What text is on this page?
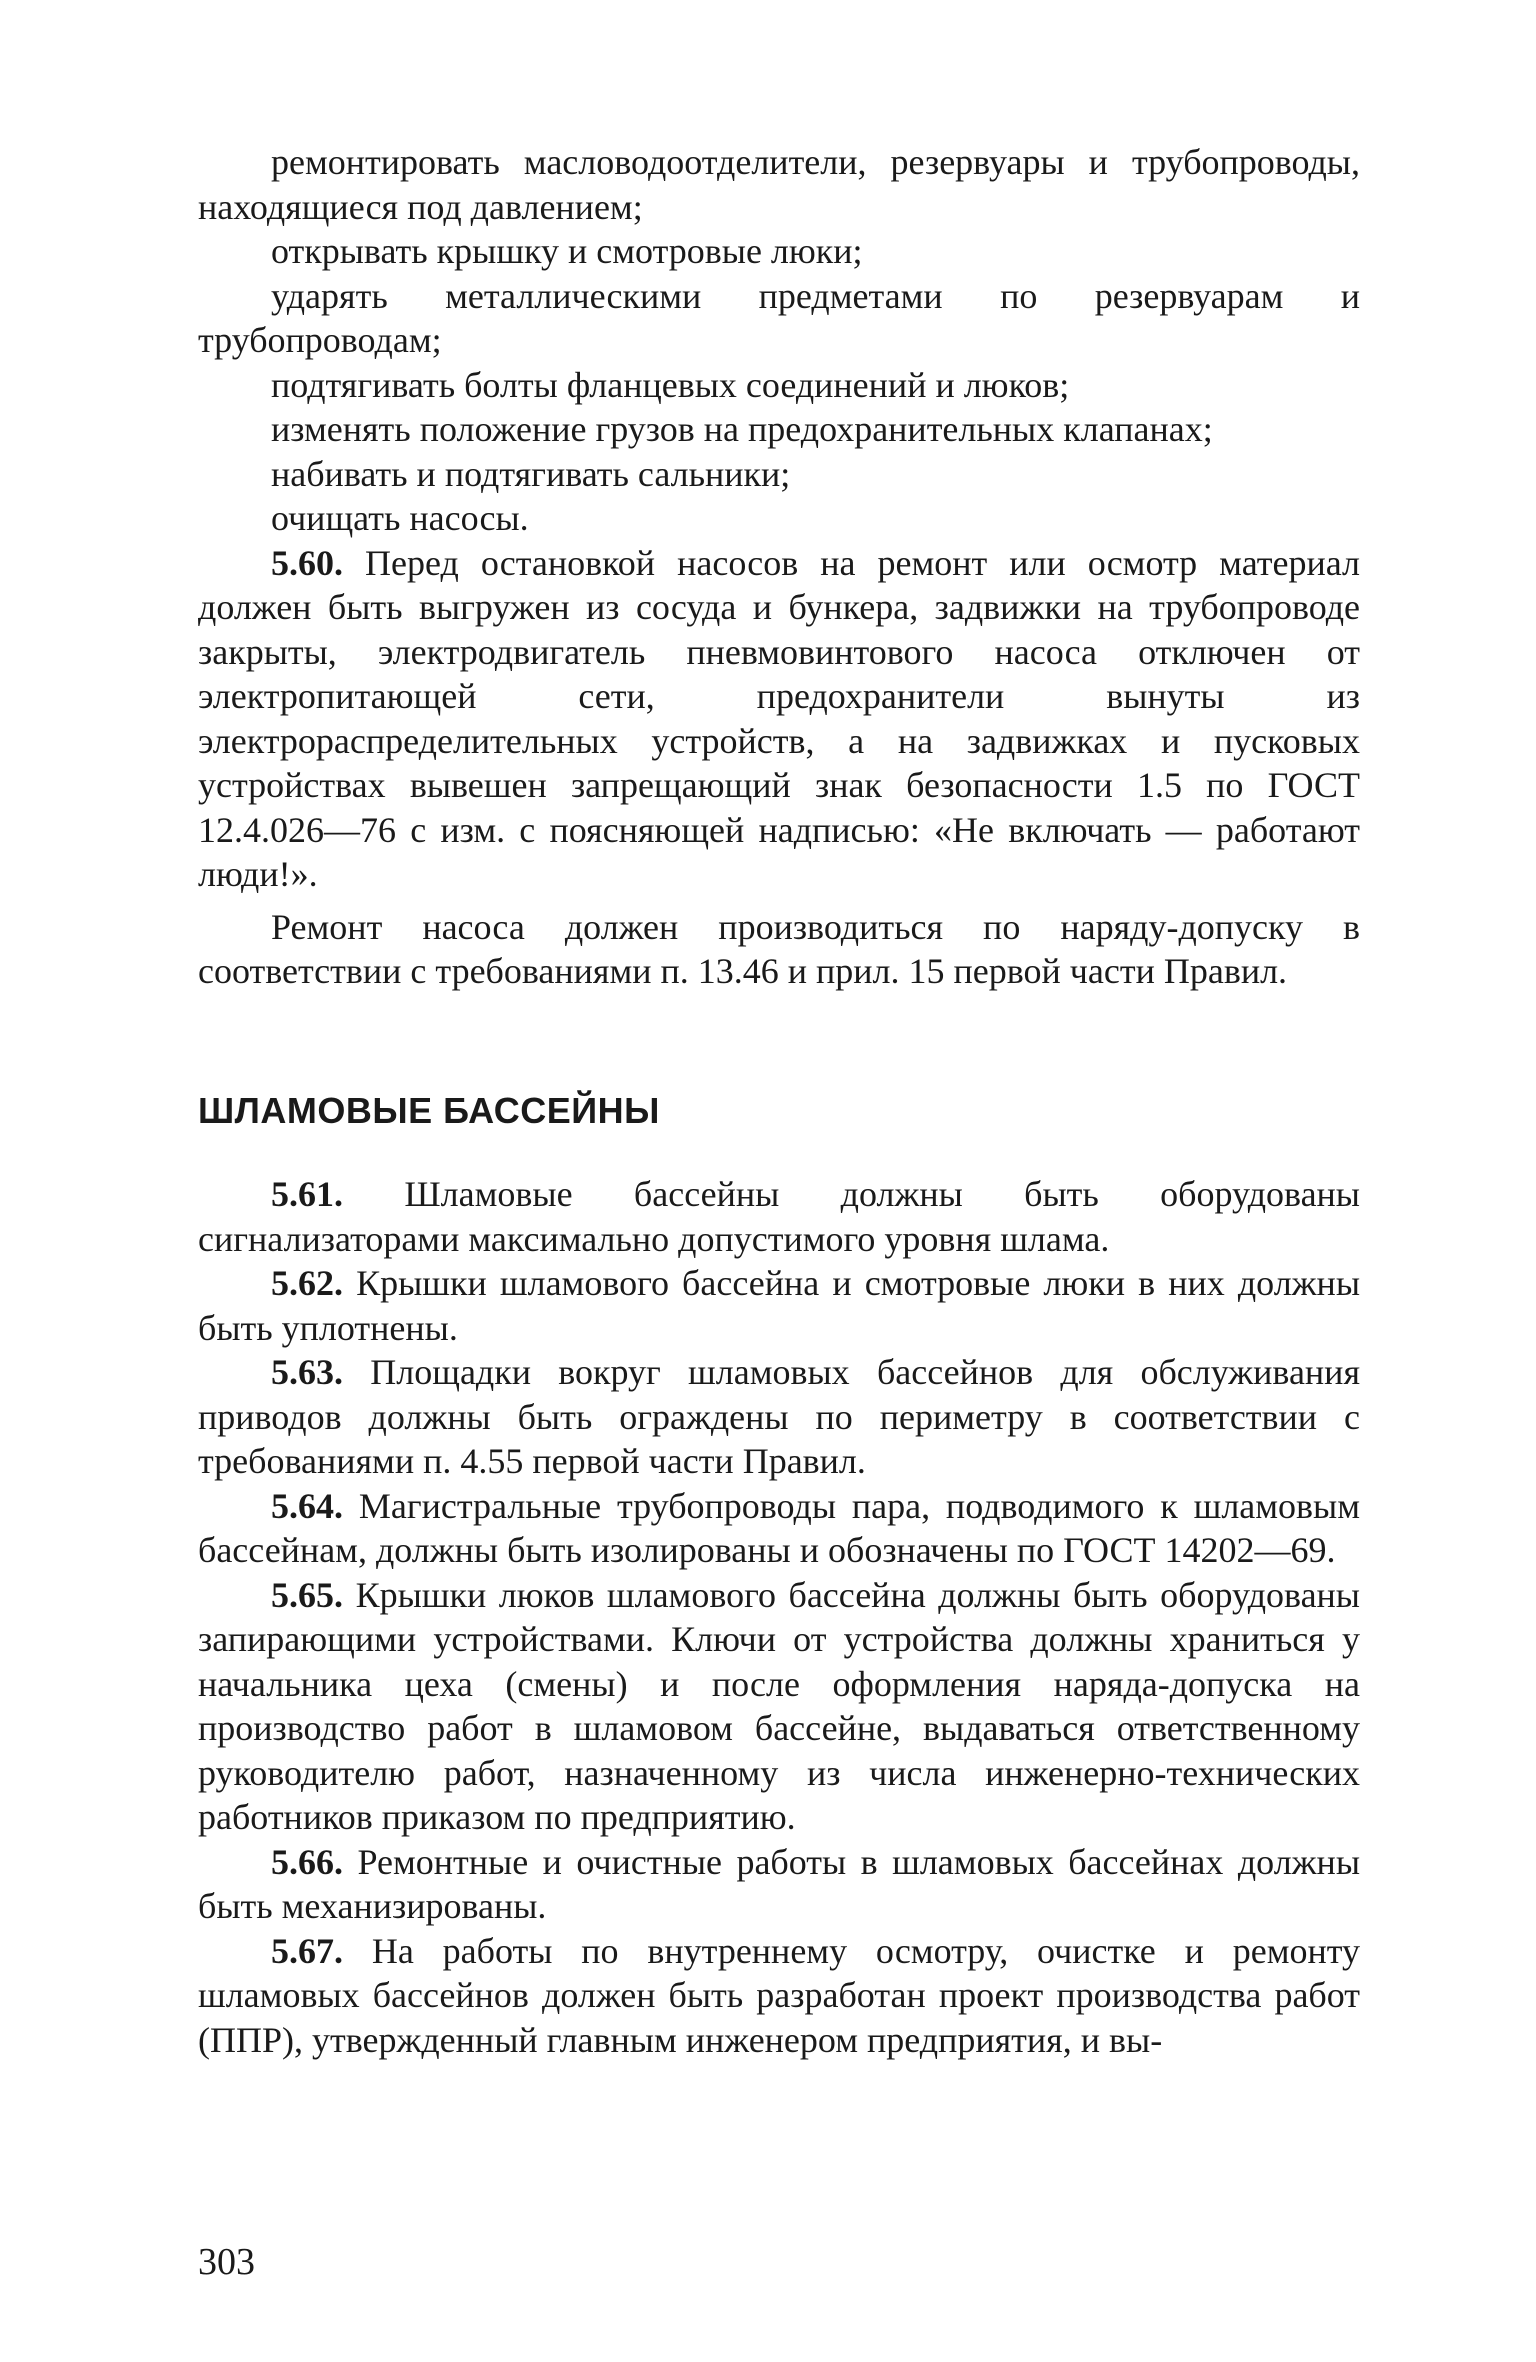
ремонтировать масловодоотделители, резервуары и трубопроводы, находящиеся под давлением;

открывать крышку и смотровые люки;

ударять металлическими предметами по резервуарам и трубопроводам;

подтягивать болты фланцевых соединений и люков;

изменять положение грузов на предохранительных клапанах;

набивать и подтягивать сальники;

очищать насосы.

5.60. Перед остановкой насосов на ремонт или осмотр материал должен быть выгружен из сосуда и бункера, задвижки на трубопроводе закрыты, электродвигатель пневмовинтового насоса отключен от электропитающей сети, предохранители вынуты из электрораспределительных устройств, а на задвижках и пусковых устройствах вывешен запрещающий знак безопасности 1.5 по ГОСТ 12.4.026—76 с изм. с поясняющей надписью: «Не включать — работают люди!».

Ремонт насоса должен производиться по наряду-допуску в соответствии с требованиями п. 13.46 и прил. 15 первой части Правил.

ШЛАМОВЫЕ БАССЕЙНЫ

5.61. Шламовые бассейны должны быть оборудованы сигнализаторами максимально допустимого уровня шлама.

5.62. Крышки шламового бассейна и смотровые люки в них должны быть уплотнены.

5.63. Площадки вокруг шламовых бассейнов для обслуживания приводов должны быть ограждены по периметру в соответствии с требованиями п. 4.55 первой части Правил.

5.64. Магистральные трубопроводы пара, подводимого к шламовым бассейнам, должны быть изолированы и обозначены по ГОСТ 14202—69.

5.65. Крышки люков шламового бассейна должны быть оборудованы запирающими устройствами. Ключи от устройства должны храниться у начальника цеха (смены) и после оформления наряда-допуска на производство работ в шламовом бассейне, выдаваться ответственному руководителю работ, назначенному из числа инженерно-технических работников приказом по предприятию.

5.66. Ремонтные и очистные работы в шламовых бассейнах должны быть механизированы.

5.67. На работы по внутреннему осмотру, очистке и ремонту шламовых бассейнов должен быть разработан проект производства работ (ППР), утвержденный главным инженером предприятия, и вы-

303
